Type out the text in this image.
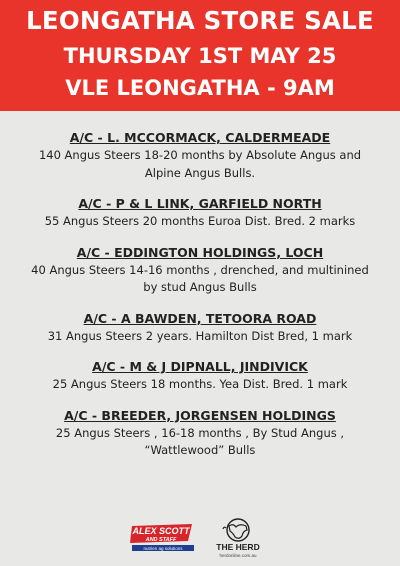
LEONGATHA STORE SALE
THURSDAY 1ST MAY 25
VLE LEONGATHA - 9AM
A/C - L. MCCORMACK, CALDERMEADE
140 Angus Steers 18-20 months by Absolute Angus and
Alpine Angus Bulls.
A/C - P & L LINK, GARFIELD NORTH
55 Angus Steers 20 months Euroa Dist. Bred. 2 marks
A/C - EDDINGTON HOLDINGS, LOCH
40 Angus Steers 14-16 months , drenched, and multinined
by stud Angus Bulls
A/C - A BAWDEN, TETOORA ROAD
31 Angus Steers 2 years. Hamilton Dist Bred, 1 mark
A/C - M & J DIPNALL, JINDIVICK
25 Angus Steers 18 months. Yea Dist. Bred. 1 mark
A/C - BREEDER, JORGENSEN HOLDINGS
25 Angus Steers , 16-18 months , By Stud Angus ,
“Wattlewood” Bulls
ALEX SCOTT
AND STAFF
nutrien ag solutions	THE HERD
herdonline.com.au
